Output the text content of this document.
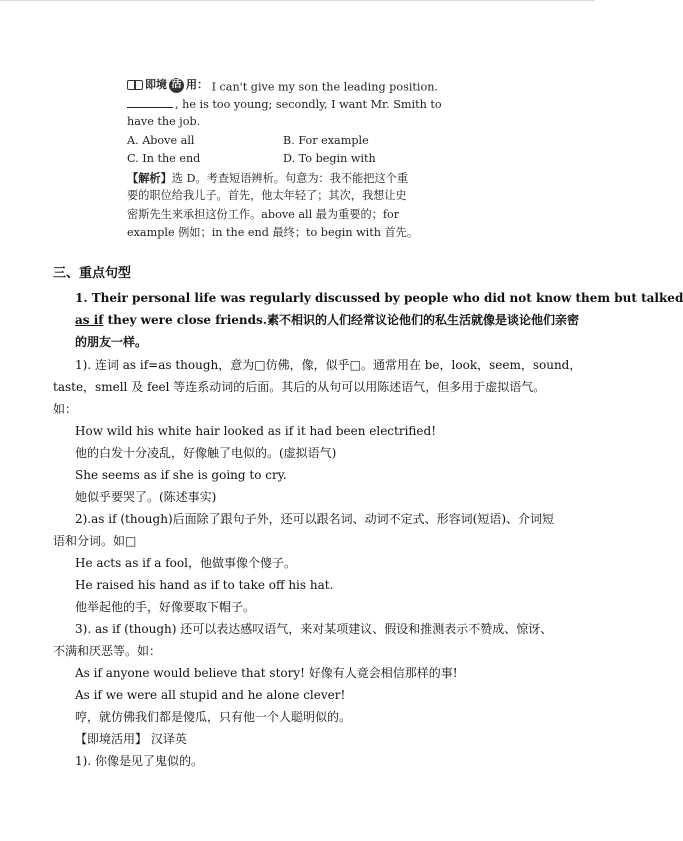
即境 活 用： I can't give my son the leading position.
, he is too young; secondly, I want Mr. Smith to
have the job.
A. Above all	B. For example
C. In the end	D. To begin with
【解析】选 D。考查短语辨析。句意为：我不能把这个重
要的职位给我儿子。首先，他太年轻了；其次，我想让史
密斯先生来承担这份工作。above all 最为重要的；for
example 例如；in the end 最终；to begin with 首先。
三、重点句型
1. Their personal life was regularly discussed by people who did not know them but talked
as if they were close friends.素不相识的人们经常议论他们的私生活就像是谈论他们亲密
的朋友一样。
1). 连词 as if=as though，意为□仿佛，像，似乎□。通常用在 be，look，seem，sound，
taste，smell 及 feel 等连系动词的后面。其后的从句可以用陈述语气，但多用于虚拟语气。
如：
How wild his white hair looked as if it had been electrified!
他的白发十分凌乱，好像触了电似的。(虚拟语气)
She seems as if she is going to cry.
她似乎要哭了。(陈述事实)
2).as if (though)后面除了跟句子外，还可以跟名词、动词不定式、形容词(短语)、介词短
语和分词。如□
He acts as if a fool，他做事像个傻子。
He raised his hand as if to take off his hat.
他举起他的手，好像要取下帽子。
3). as if (though) 还可以表达感叹语气，来对某项建议、假设和推测表示不赞成、惊讶、
不满和厌恶等。如：
As if anyone would believe that story! 好像有人竟会相信那样的事!
As if we were all stupid and he alone clever!
哼，就仿佛我们都是傻瓜，只有他一个人聪明似的。
【即境活用】 汉译英
1). 你像是见了鬼似的。
